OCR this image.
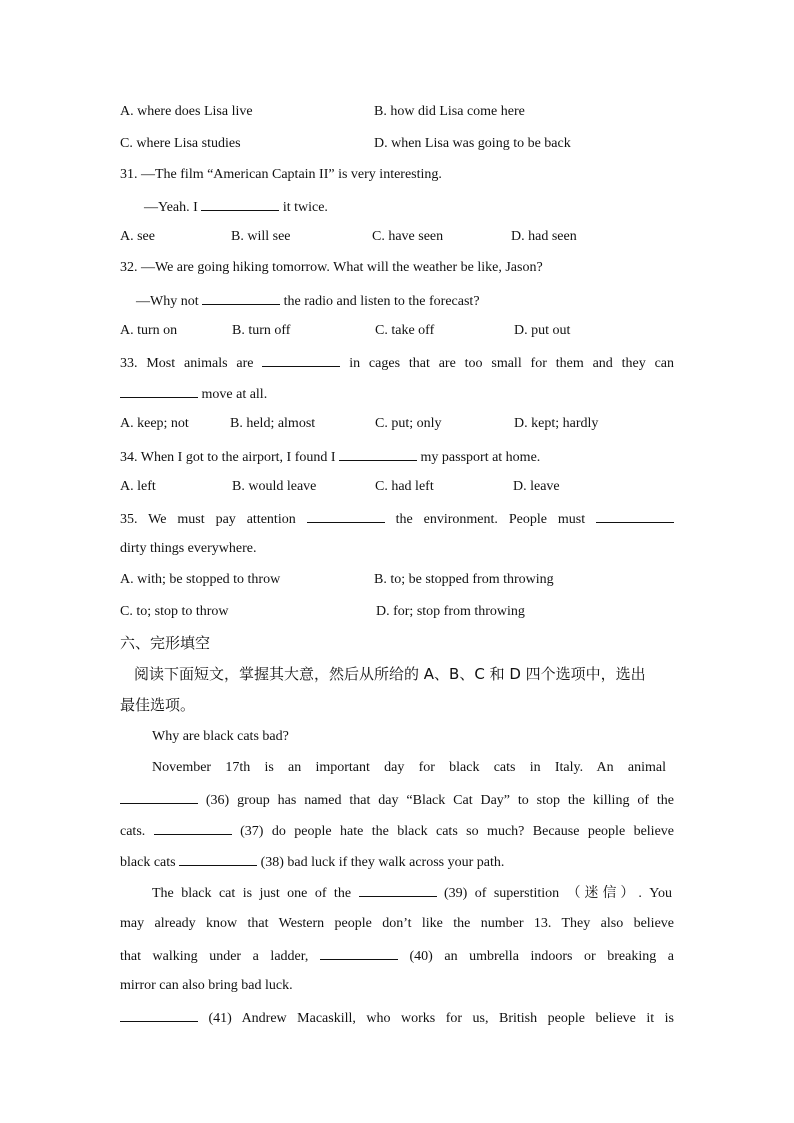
A. where does Lisa live	B. how did Lisa come here
C. where Lisa studies	D. when Lisa was going to be back
31. —The film “American Captain II” is very interesting.
—Yeah. I	it twice.
A. see	B. will see	C. have seen	D. had seen
32. —We are going hiking tomorrow. What will the weather be like, Jason?
—Why not	the radio and listen to the forecast?
A. turn on	B. turn off	C. take off	D. put out
33. Most animals are	in cages that are too small for them and they can
move at all.
A. keep; not	B. held; almost	C. put; only	D. kept; hardly
34. When I got to the airport, I found I	my passport at home.
A. left	B. would leave	C. had left	D. leave
35. We must pay attention	the environment. People must
dirty things everywhere.
A. with; be stopped to throw	B. to; be stopped from throwing
C. to; stop to throw	D. for; stop from throwing
六、完形填空
阅读下面短文，掌握其大意，然后从所给的 A、B、C 和 D 四个选项中，选出
最佳选项。
Why are black cats bad?
November 17th is an important day for black cats in Italy. An animal
(36) group has named that day “Black Cat Day” to stop the killing of the
cats.	(37) do people hate the black cats so much? Because people believe
black cats	(38) bad luck if they walk across your path.
The black cat is just one of the	(39) of superstition （迷信）. You
may already know that Western people don’t like the number 13. They also believe
that walking under a ladder,	(40) an umbrella indoors or breaking a
mirror can also bring bad luck.
(41) Andrew Macaskill, who works for us, British people believe it is
